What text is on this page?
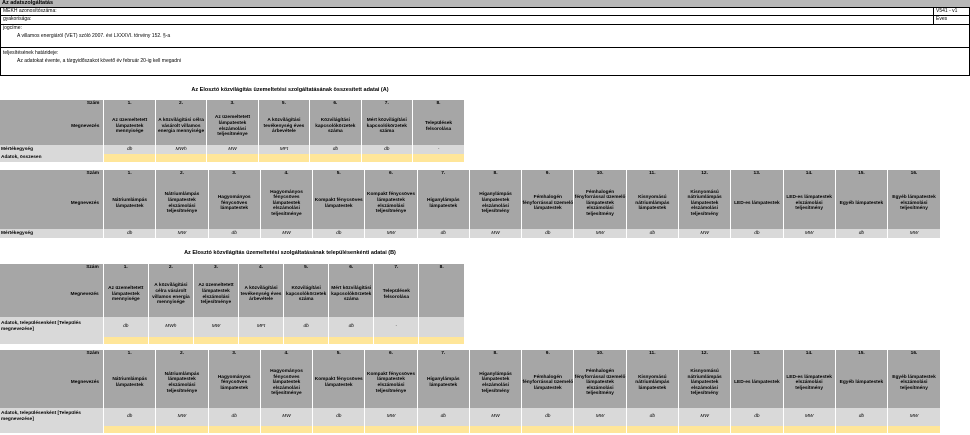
Az adatszolgáltatás
MEKH azonosítószáma:	V541 - v1
gyakorisága:	Éves
jogcíme:
A villamos energiáról (VET) szóló 2007. évi LXXXVI. törvény 152. §-a
teljesítésének határideje:
Az adatokat évente, a tárgyidőszakot követő év február 20-ig kell megadni
Az Elosztó közvilágítás üzemeltetési szolgáltatásának összesített adatai (A)
Szám	1.	2.	3.	5.	6.	7.	8.
Megnevezés	Az üzemeltetett lámpatestek mennyisége	A közvilágítási célra vásárolt villamos energia mennyisége	Az üzemeltetett lámpatestek elszámolási teljesítménye	A közvilágítási tevékenység éves árbevétele	Közvilágítási kapcsolókörzetek száma	Mért közvilágítási kapcsolókörzetek száma	Települések felsorolása
Mértékegység	db	MWh	MW	MFt	db	db	-
Adatok, összesen							
Szám	1.	2.	3.	4.	5.	6.	7.	8.	9.	10.	11.	12.	13.	14.	15.	16.
Megnevezés	Nátriumlámpás lámpatestek	Nátriumlámpás lámpatestek elszámolási teljesítménye	Hagyományos fénycsöves lámpatestek	Hagyományos fénycsöves lámpatestek elszámolási teljesítménye	Kompakt fénycsöves lámpatestek	Kompakt fénycsöves lámpatestek elszámolási teljesítménye	Higanylámpás lámpatestek	Higanylámpás lámpatestek elszámolási teljesítmény	Fémhalogén fényforrással üzemelő lámpatestek	Fémhalogén fényforrással üzemelő lámpatestek elszámolási teljesítmény	Kisnyomású nátriumlámpás lámpatestek	Kisnyomású nátriumlámpás lámpatestek elszámolási teljesítmény	LED-es lámpatestek	LED-es lámpatestek elszámolási teljesítmény	Egyéb lámpatestek	Egyéb lámpatestek elszámolási teljesítmény
Mértékegység	db	MW	db	MW	db	MW	db	MW	db	MW	db	MW	db	MW	db	MW
Az Elosztó közvilágítás üzemeltetési szolgáltatásának településenkénti adatai (B)
Szám	1.	2.	3.	4.	5.	6.	7.	8.
Megnevezés	Az üzemeltetett lámpatestek mennyisége	A közvilágítási célra vásárolt villamos energia mennyisége	Az üzemeltetett lámpatestek elszámolási teljesítménye	A közvilágítási tevékenység éves árbevétele	Közvilágítási kapcsolókörzetek száma	Mért közvilágítási kapcsolókörzetek száma	Települések felsorolása	
Adatok, településenként [Település megnevezése]	db	MWh	MW	MFt	db	db	-	

Szám	1.	2.	3.	4.	5.	6.	7.	8.	9.	10.	11.	12.	13.	14.	15.	16.
Megnevezés	Nátriumlámpás lámpatestek	Nátriumlámpás lámpatestek elszámolási teljesítménye	Hagyományos fénycsöves lámpatestek	Hagyományos fénycsöves lámpatestek elszámolási teljesítménye	Kompakt fénycsöves lámpatestek	Kompakt fénycsöves lámpatestek elszámolási teljesítménye	Higanylámpás lámpatestek	Higanylámpás lámpatestek elszámolási teljesítmény	Fémhalogén fényforrással üzemelő lámpatestek	Fémhalogén fényforrással üzemelő lámpatestek elszámolási teljesítmény	Kisnyomású nátriumlámpás lámpatestek	Kisnyomású nátriumlámpás lámpatestek elszámolási teljesítmény	LED-es lámpatestek	LED-es lámpatestek elszámolási teljesítmény	Egyéb lámpatestek	Egyéb lámpatestek elszámolási teljesítmény
Adatok, településenként [Település megnevezése]	db	MW	db	MW	db	MW	db	MW	db	MW	db	MW	db	MW	db	MW
